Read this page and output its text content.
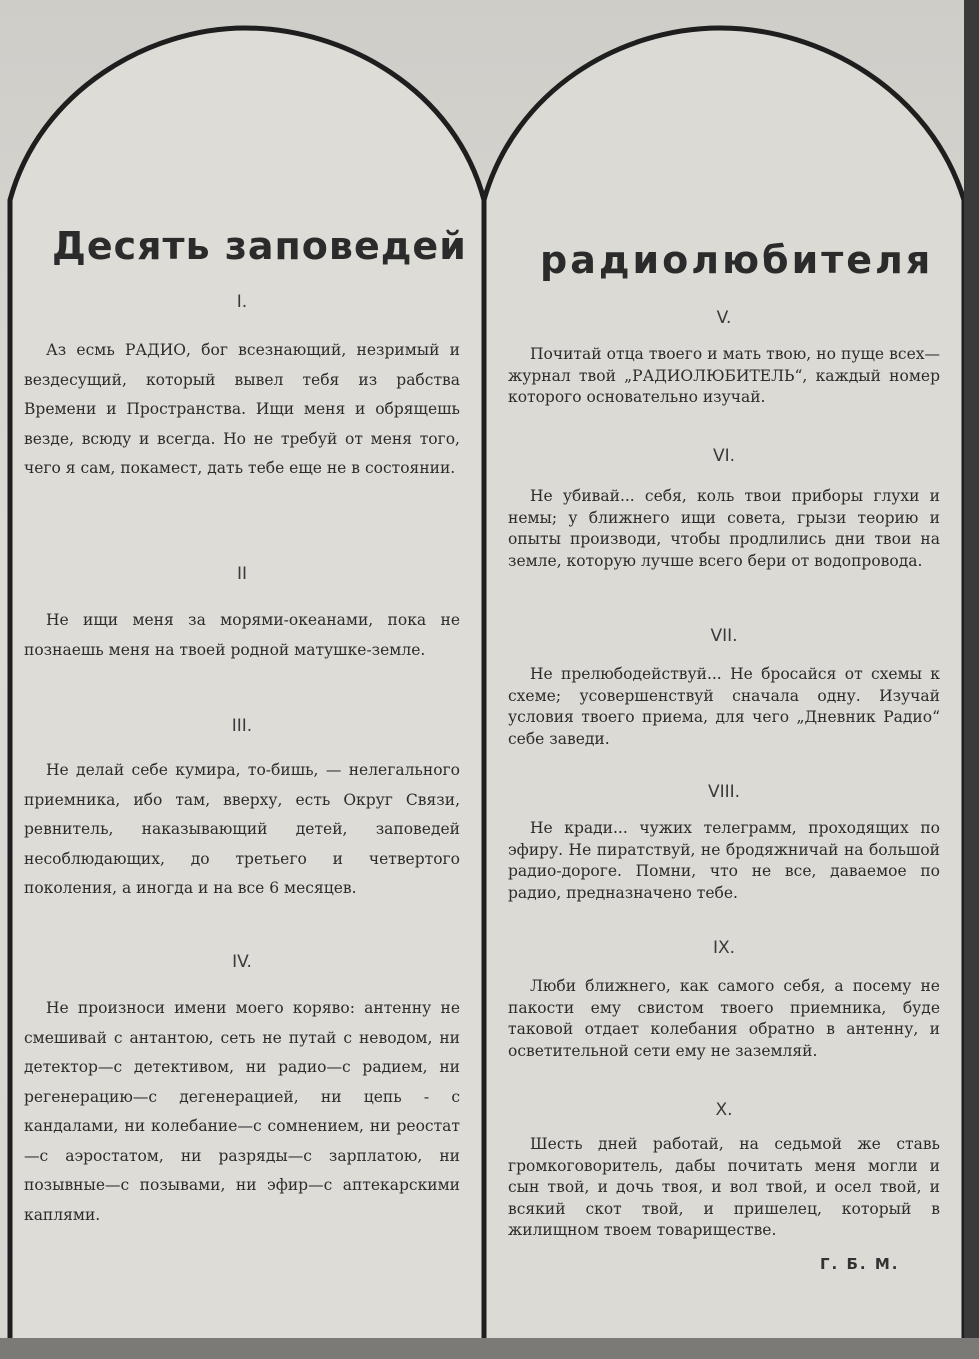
Десять заповедей радиолюбителя
I.
Аз есмь РАДИО, бог всезнающий, незримый и вездесущий, который вывел тебя из рабства Времени и Пространства. Ищи меня и обрящешь везде, всюду и всегда. Но не требуй от меня того, чего я сам, покамест, дать тебе еще не в состоянии.
II
Не ищи меня за морями-океанами, пока не познаешь меня на твоей родной матушке-земле.
III.
Не делай себе кумира, то-бишь, — нелегального приемника, ибо там, вверху, есть Округ Связи, ревнитель, наказывающий детей, заповедей несоблюдающих, до третьего и четвертого поколения, а иногда и на все 6 месяцев.
IV.
Не произноси имени моего коряво: антенну не смешивай с антантою, сеть не путай с неводом, ни детектор—с детективом, ни радио—с радием, ни регенерацию—с дегенерацией, ни цепь - с кандалами, ни колебание—с сомнением, ни реостат—с аэростатом, ни разряды—с зарплатою, ни позывные—с позывами, ни эфир—с аптекарскими каплями.
V.
Почитай отца твоего и мать твою, но пуще всех—журнал твой „РАДИОЛЮБИТЕЛЬ“, каждый номер которого основательно изучай.
VI.
Не убивай... себя, коль твои приборы глухи и немы; у ближнего ищи совета, грызи теорию и опыты производи, чтобы продлились дни твои на земле, которую лучше всего бери от водопровода.
VII.
Не прелюбодействуй... Не бросайся от схемы к схеме; усовершенствуй сначала одну. Изучай условия твоего приема, для чего „Дневник Радио“ себе заведи.
VIII.
Не кради... чужих телеграмм, проходящих по эфиру. Не пиратствуй, не бродяжничай на большой радио-дороге. Помни, что не все, даваемое по радио, предназначено тебе.
IX.
Люби ближнего, как самого себя, а посему не пакости ему свистом твоего приемника, буде таковой отдает колебания обратно в антенну, и осветительной сети ему не заземляй.
X.
Шесть дней работай, на седьмой же ставь громкоговоритель, дабы почитать меня могли и сын твой, и дочь твоя, и вол твой, и осел твой, и всякий скот твой, и пришелец, который в жилищном твоем товариществе.
Г. Б. М.
